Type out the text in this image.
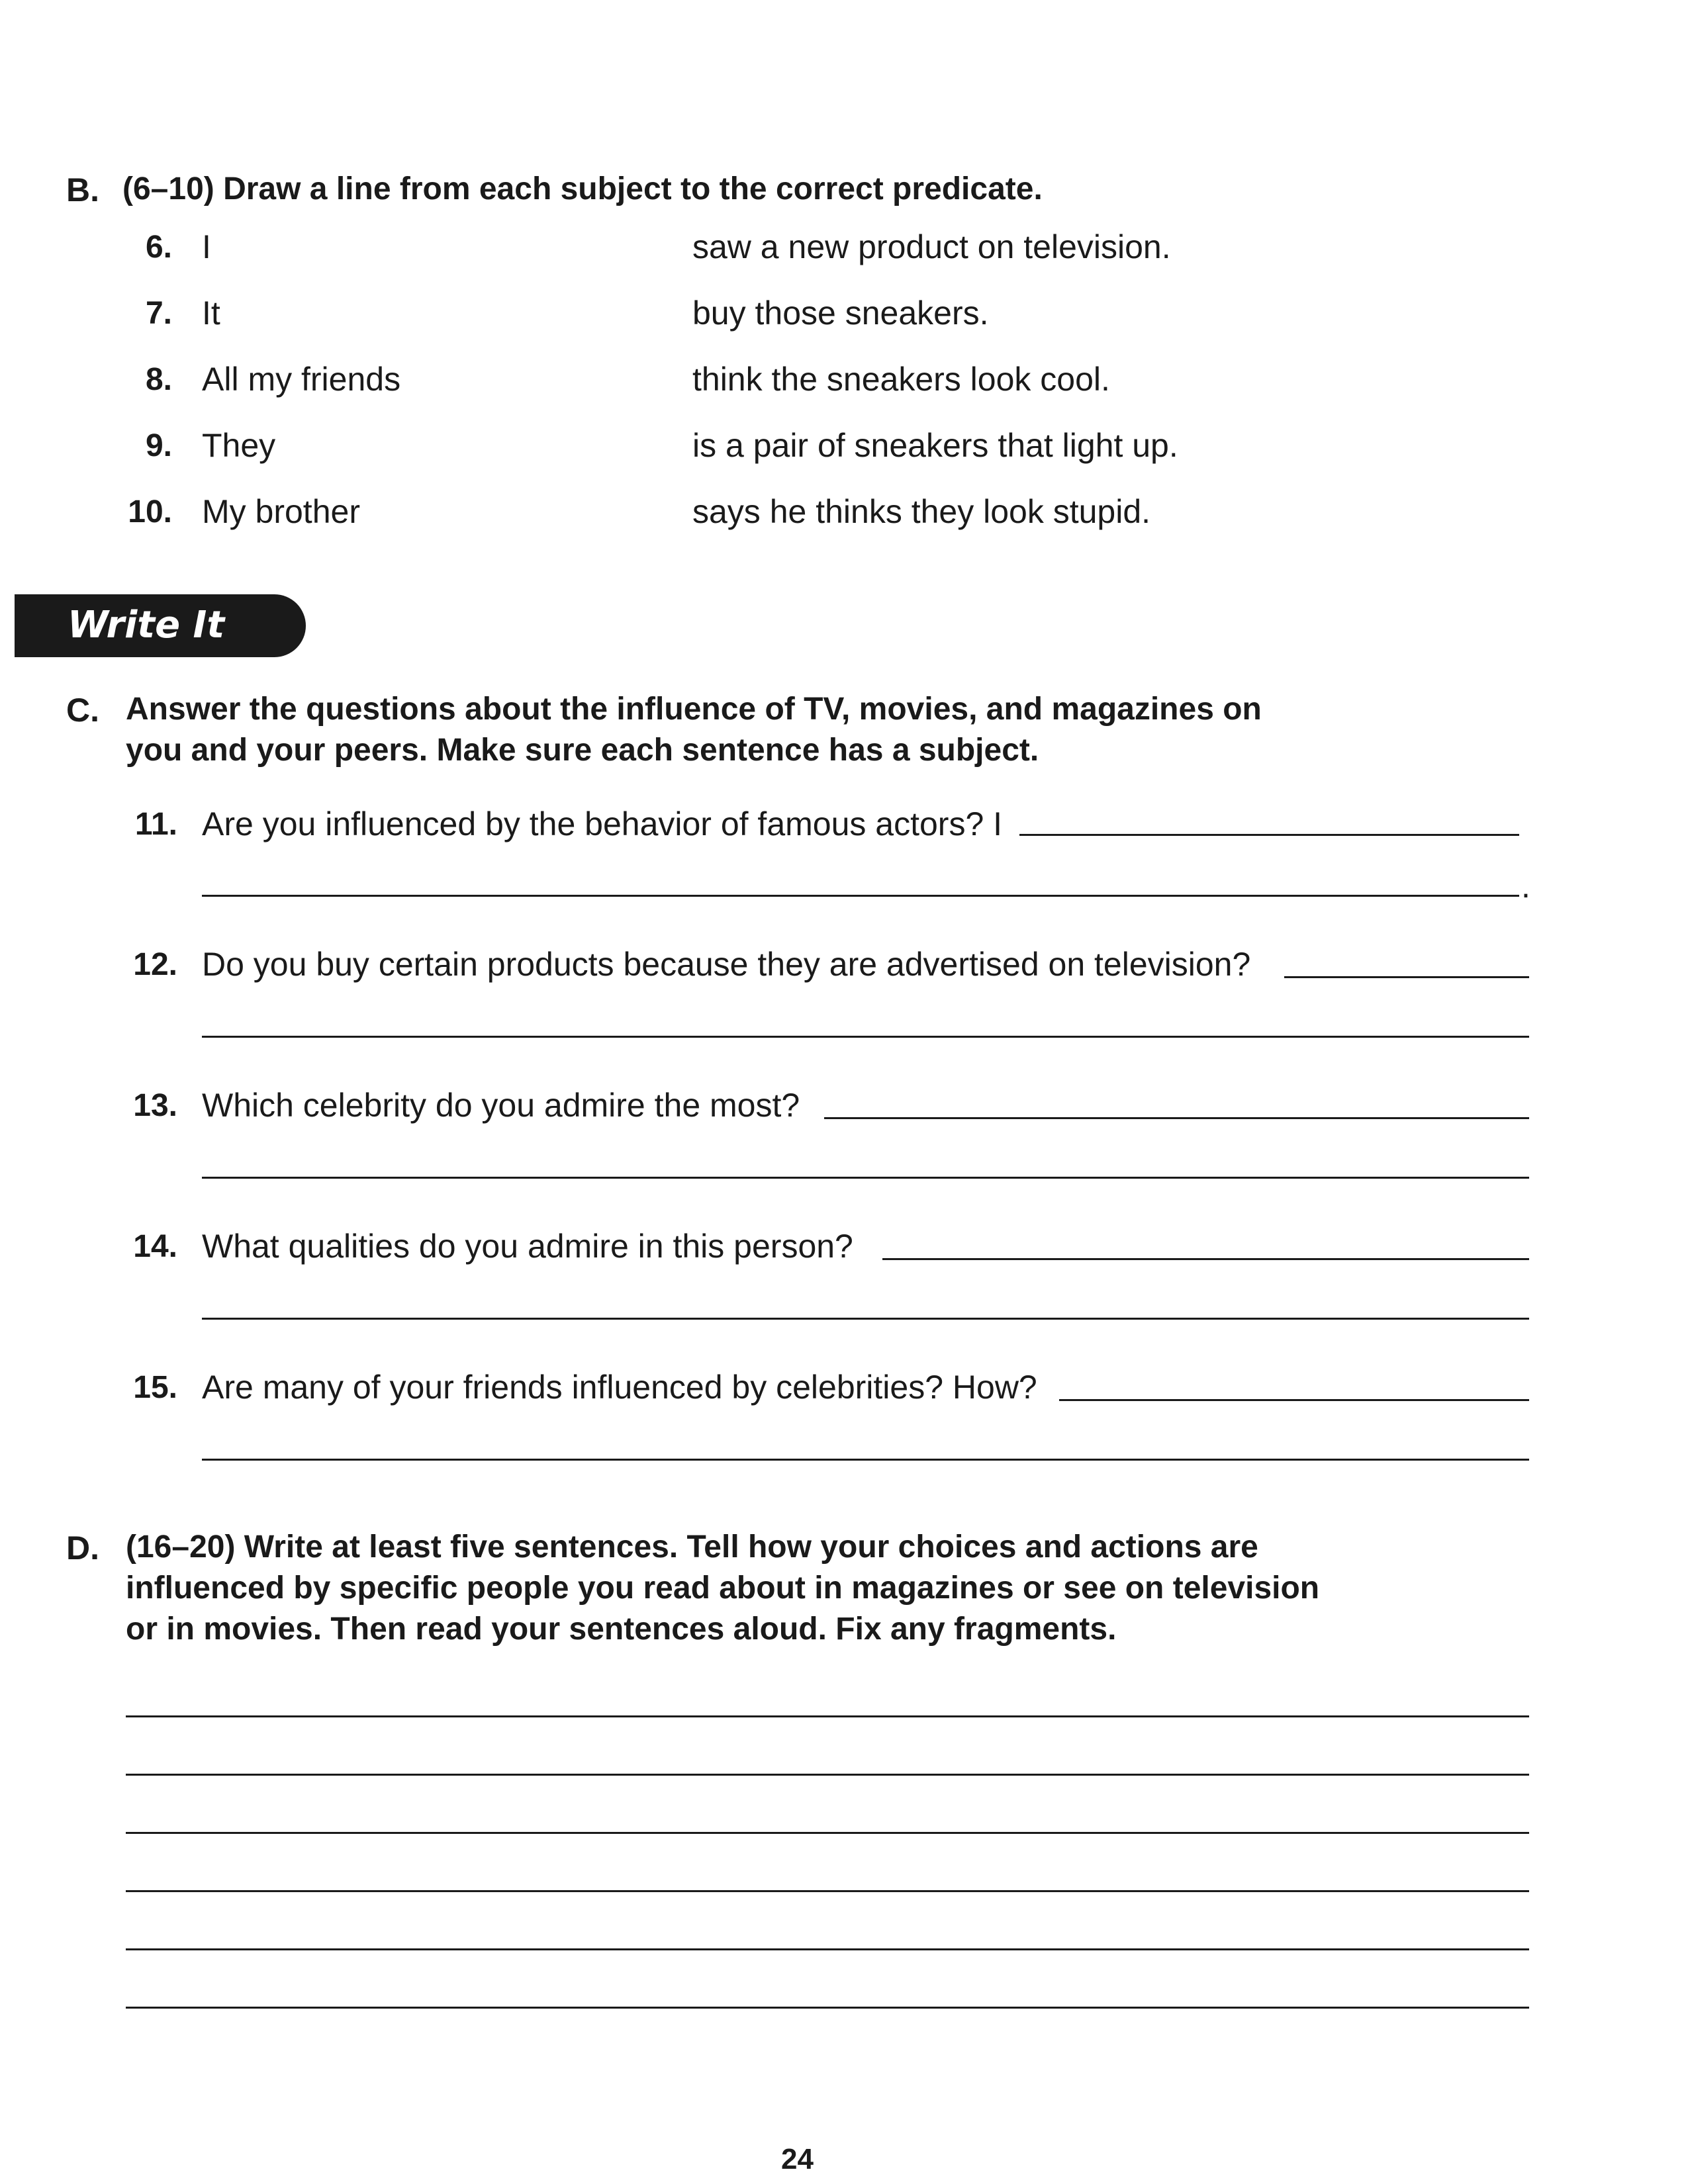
B. (6–10) Draw a line from each subject to the correct predicate.
6. I	saw a new product on television.
7. It	buy those sneakers.
8. All my friends	think the sneakers look cool.
9. They	is a pair of sneakers that light up.
10. My brother	says he thinks they look stupid.
Write It
C. Answer the questions about the influence of TV, movies, and magazines on
you and your peers. Make sure each sentence has a subject.
11. Are you influenced by the behavior of famous actors? I
.
12. Do you buy certain products because they are advertised on television?
13. Which celebrity do you admire the most?
14. What qualities do you admire in this person?
15. Are many of your friends influenced by celebrities? How?
D. (16–20) Write at least five sentences. Tell how your choices and actions are
influenced by specific people you read about in magazines or see on television
or in movies. Then read your sentences aloud. Fix any fragments.
24
